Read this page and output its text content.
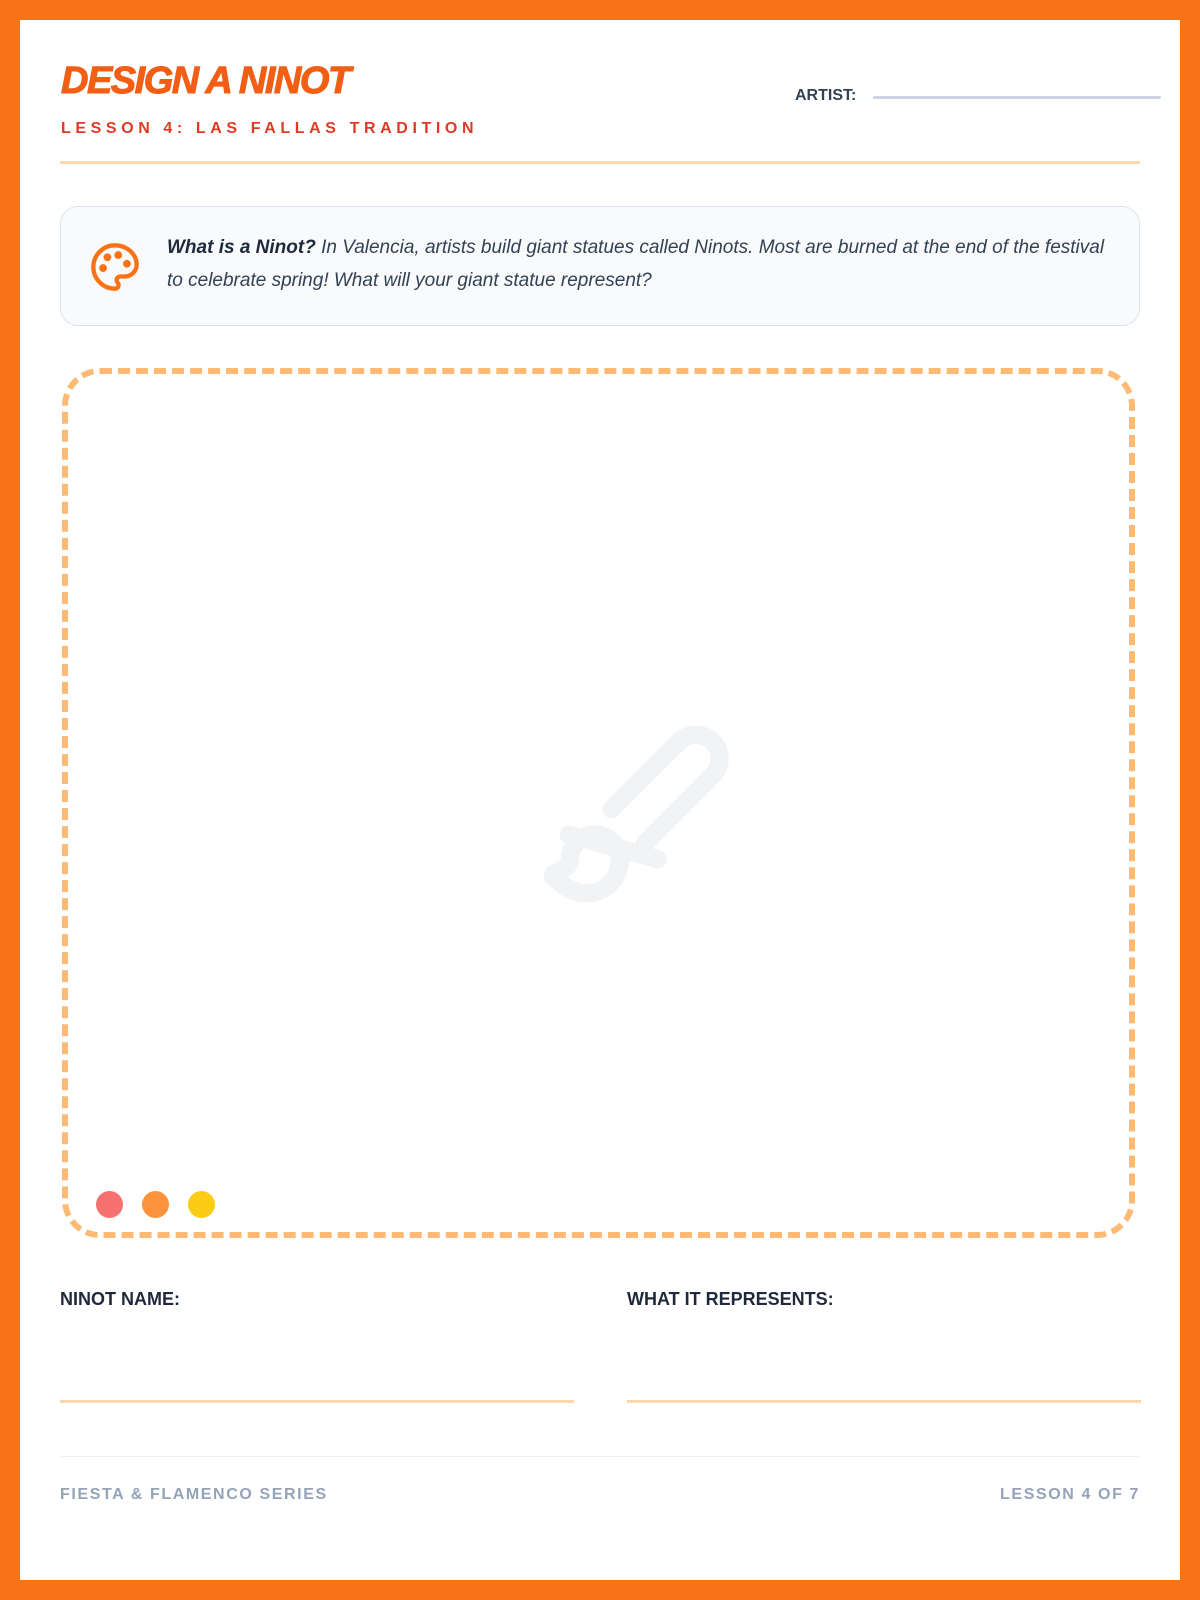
DESIGN A NINOT
LESSON 4: LAS FALLAS TRADITION
ARTIST:

What is a Ninot? In Valencia, artists build giant statues called Ninots. Most are burned at the end of the festival to celebrate spring! What will your giant statue represent?

NINOT NAME:	WHAT IT REPRESENTS:
FIESTA & FLAMENCO SERIES	LESSON 4 OF 7
